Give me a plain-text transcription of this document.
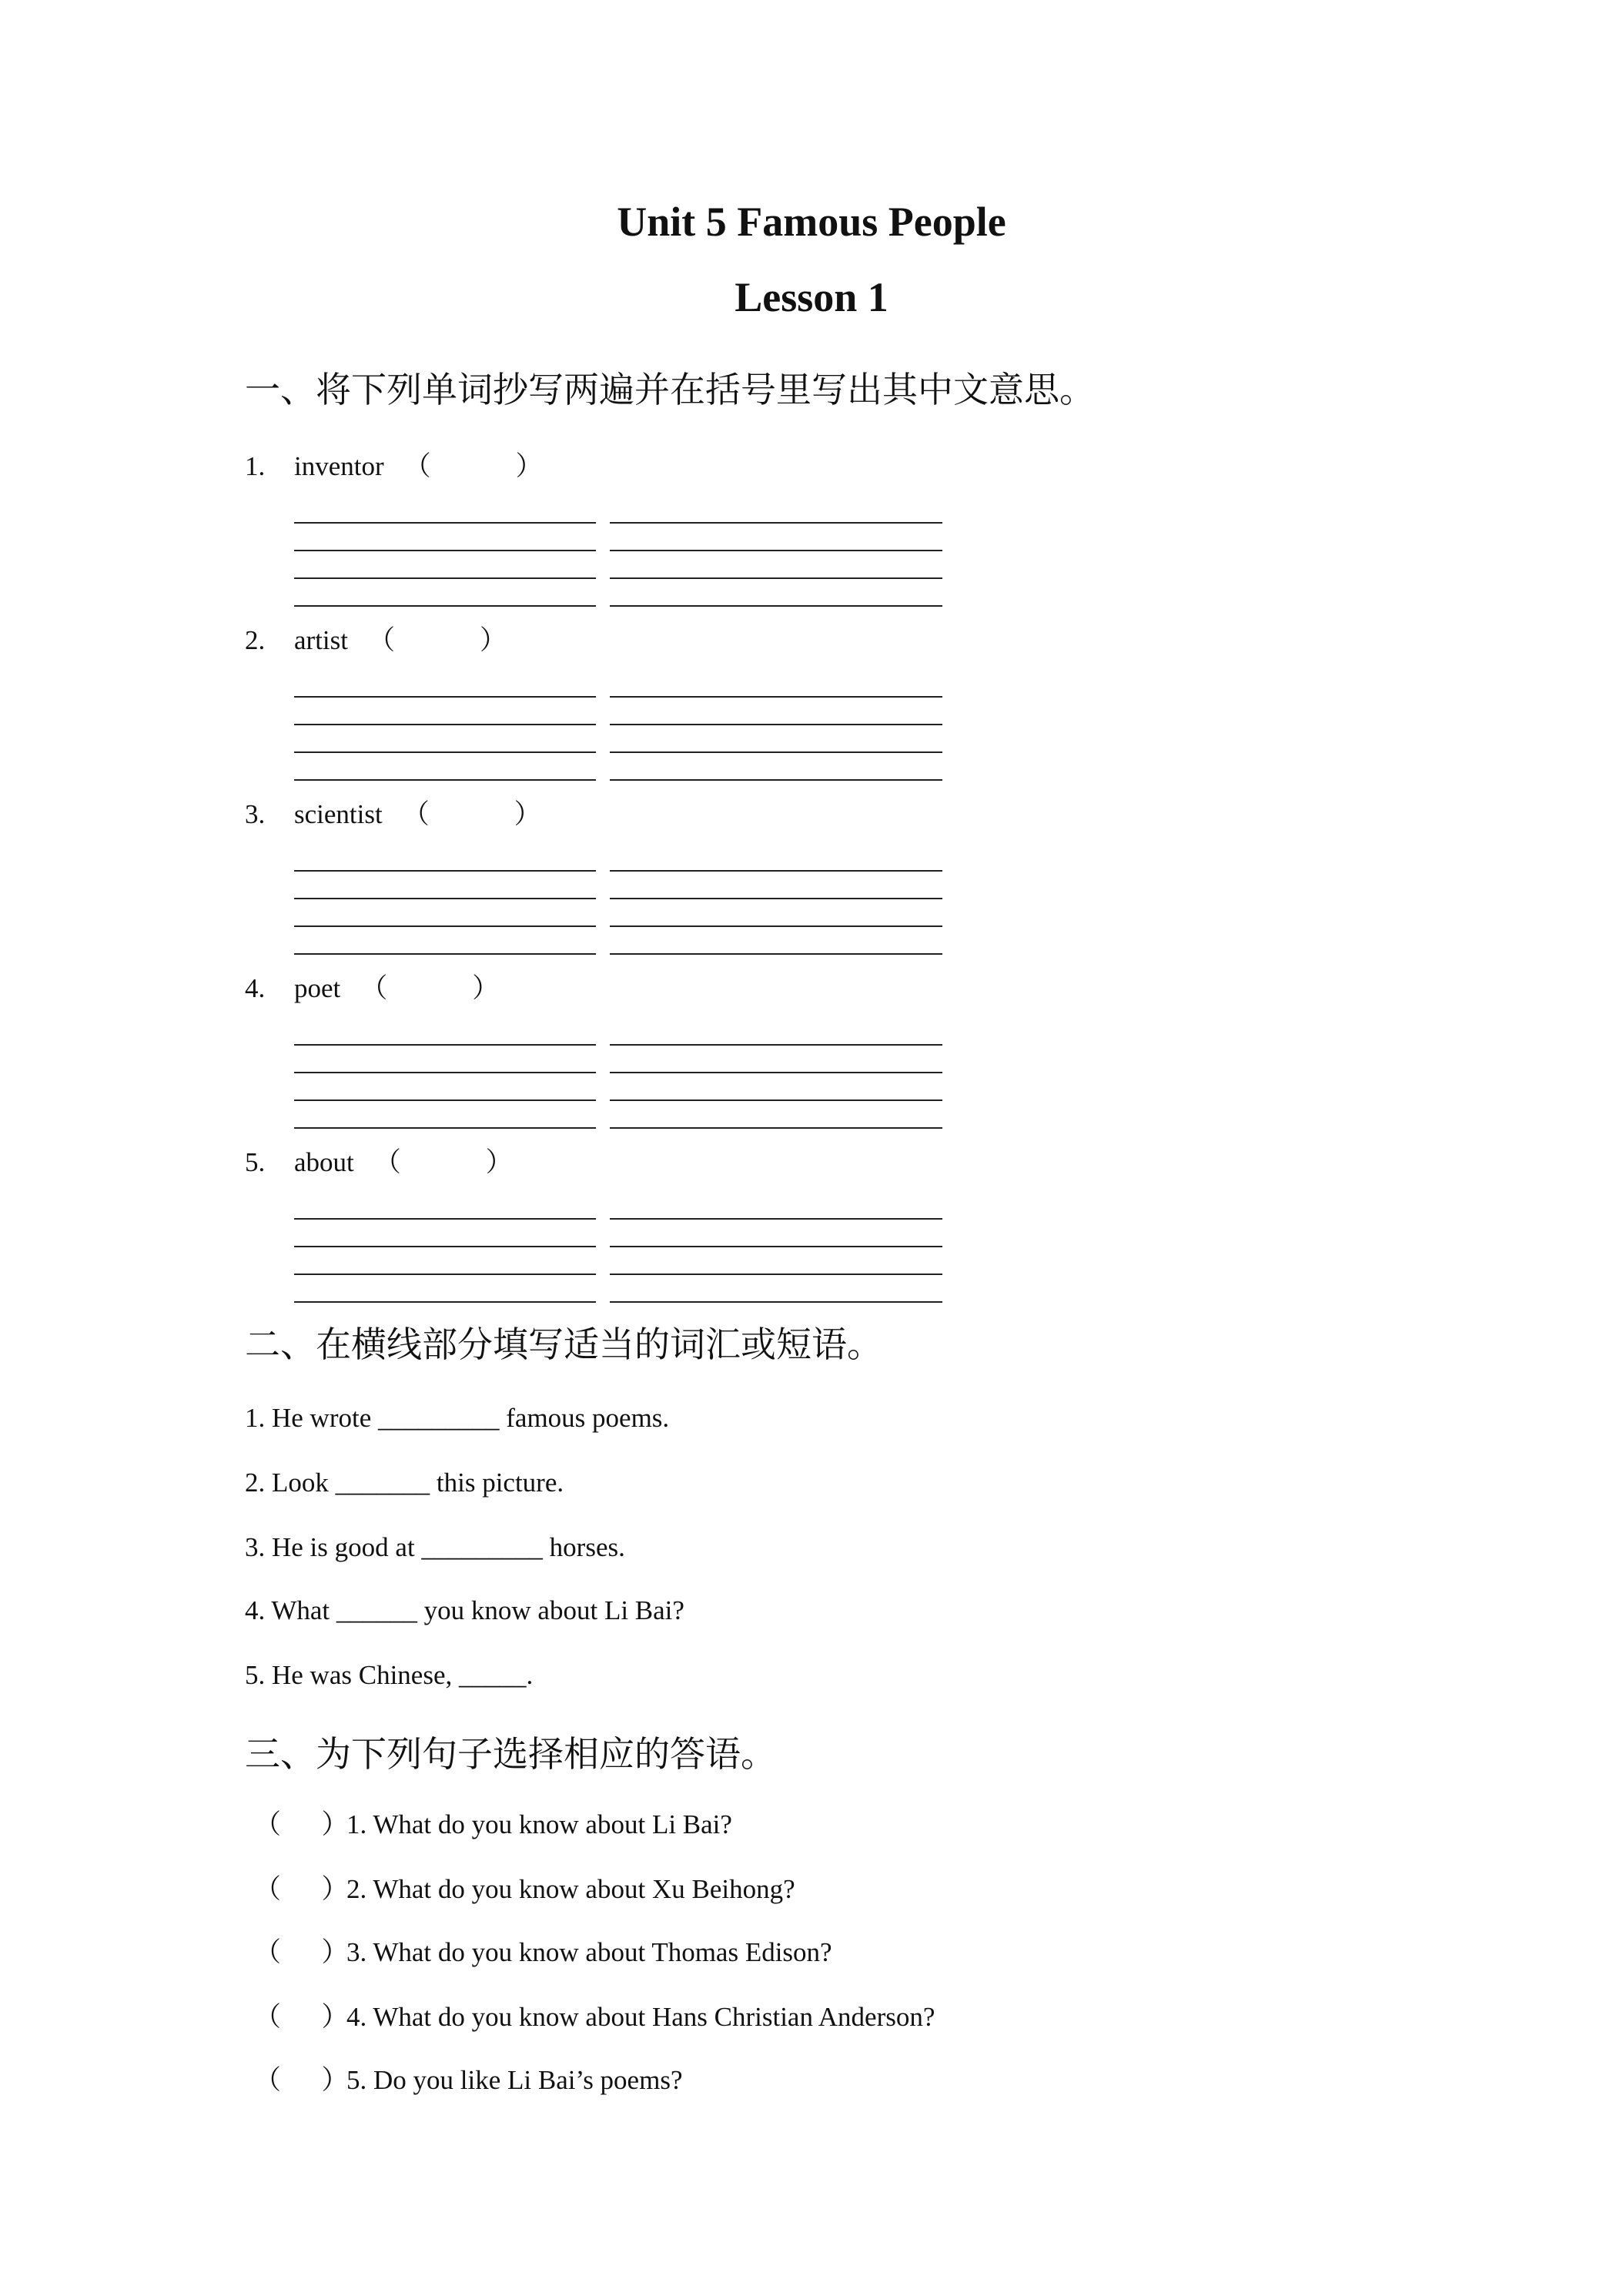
Unit 5 Famous People
Lesson 1
一、将下列单词抄写两遍并在括号里写出其中文意思。
1. inventor （	）
2. artist （	）
3. scientist （	）
4. poet （	）
5. about （	）
二、在横线部分填写适当的词汇或短语。
1. He wrote _________ famous poems.
2. Look _______ this picture.
3. He is good at _________ horses.
4. What ______ you know about Li Bai?
5. He was Chinese, _____.
三、为下列句子选择相应的答语。
（      ）1. What do you know about Li Bai?
（      ）2. What do you know about Xu Beihong?
（      ）3. What do you know about Thomas Edison?
（      ）4. What do you know about Hans Christian Anderson?
（      ）5. Do you like Li Bai’s poems?
